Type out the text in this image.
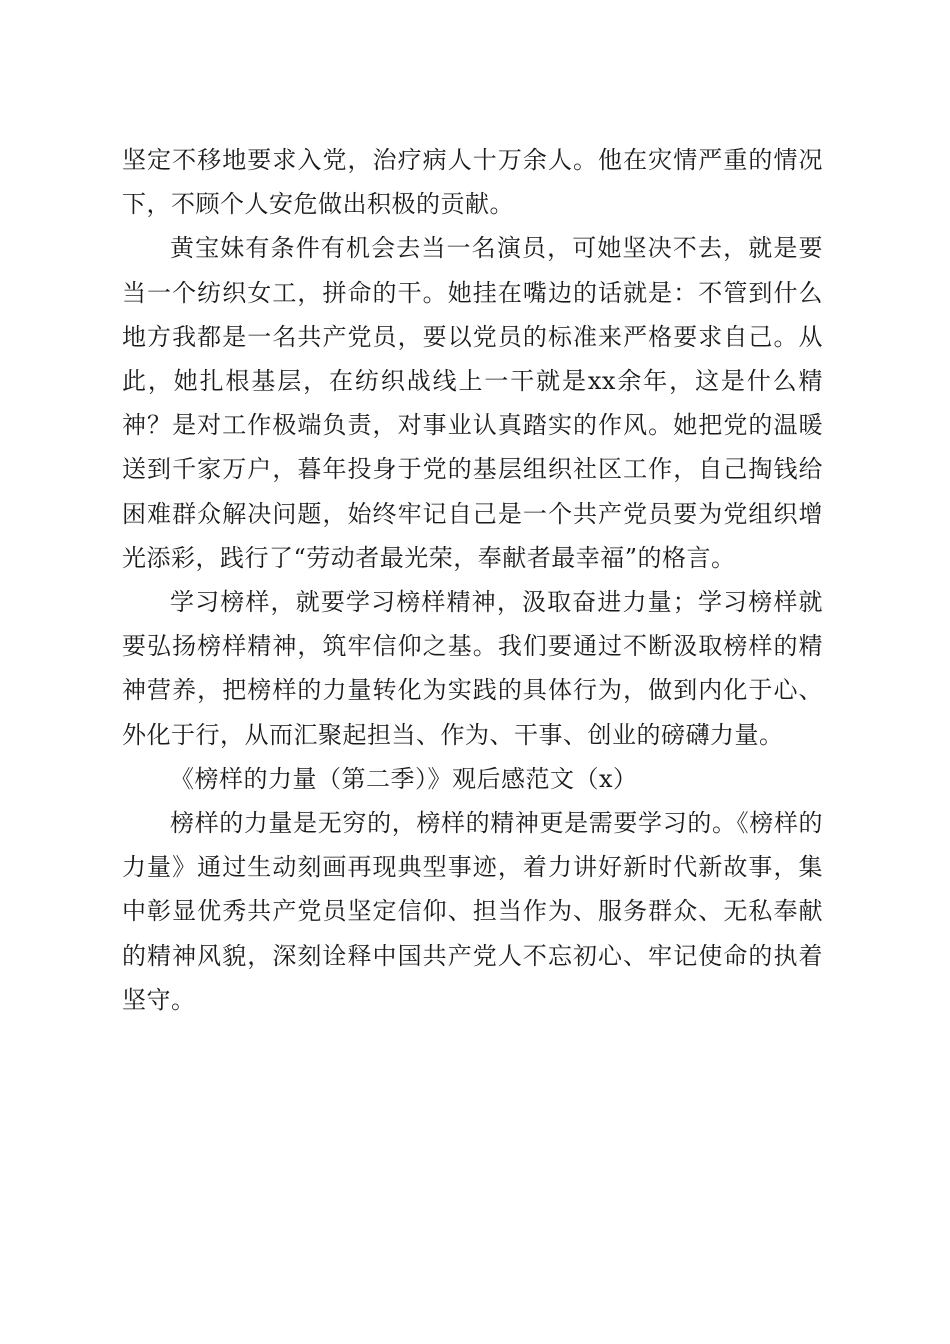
坚定不移地要求入党，治疗病人十万余人。他在灾情严重的情况下，不顾个人安危做出积极的贡献。

黄宝妹有条件有机会去当一名演员，可她坚决不去，就是要当一个纺织女工，拼命的干。她挂在嘴边的话就是：不管到什么地方我都是一名共产党员，要以党员的标准来严格要求自己。从此，她扎根基层，在纺织战线上一干就是xx余年，这是什么精神？是对工作极端负责，对事业认真踏实的作风。她把党的温暖送到千家万户，暮年投身于党的基层组织社区工作，自己掏钱给困难群众解决问题，始终牢记自己是一个共产党员要为党组织增光添彩，践行了“劳动者最光荣，奉献者最幸福”的格言。

学习榜样，就要学习榜样精神，汲取奋进力量；学习榜样就要弘扬榜样精神，筑牢信仰之基。我们要通过不断汲取榜样的精神营养，把榜样的力量转化为实践的具体行为，做到内化于心、外化于行，从而汇聚起担当、作为、干事、创业的磅礴力量。

《榜样的力量（第二季）》观后感范文（x）

榜样的力量是无穷的，榜样的精神更是需要学习的。《榜样的力量》通过生动刻画再现典型事迹，着力讲好新时代新故事，集中彰显优秀共产党员坚定信仰、担当作为、服务群众、无私奉献的精神风貌，深刻诠释中国共产党人不忘初心、牢记使命的执着坚守。
